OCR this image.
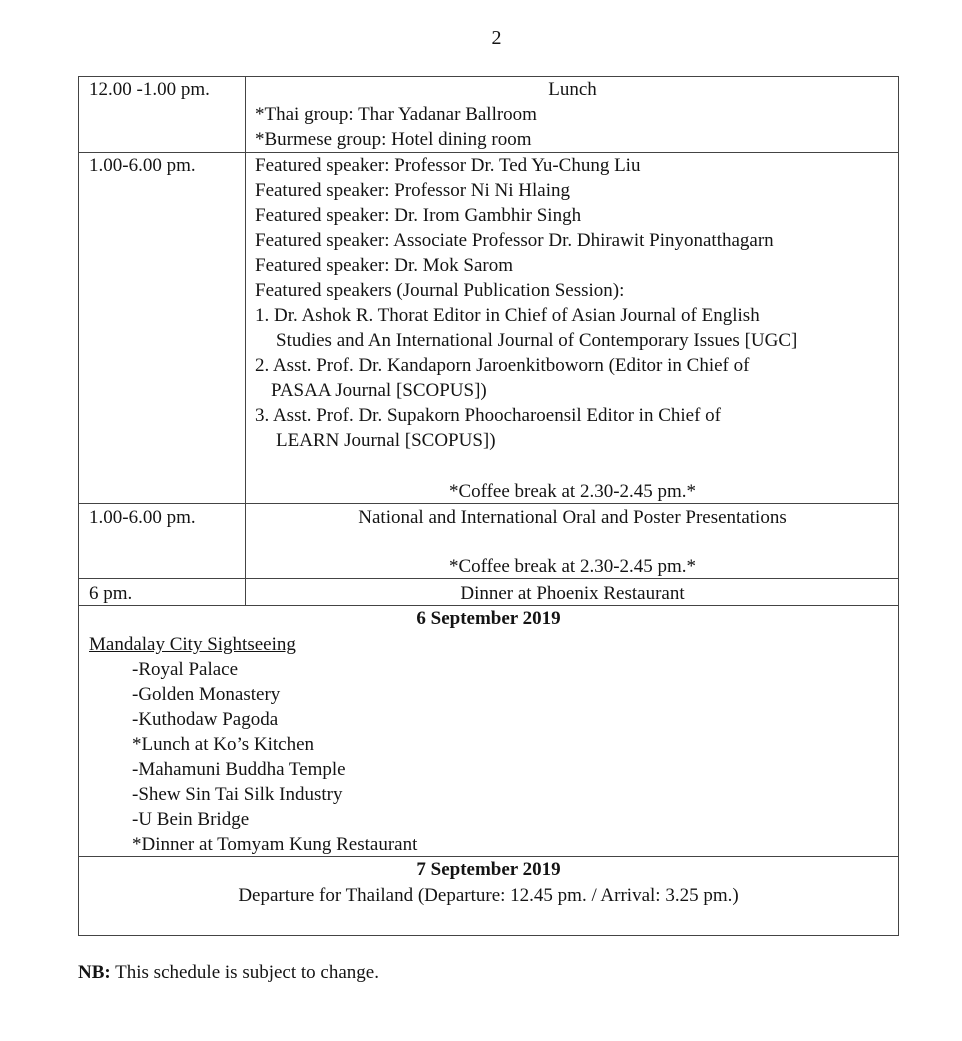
2
12.00 -1.00 pm.	Lunch
*Thai group: Thar Yadanar Ballroom
*Burmese group: Hotel dining room
1.00-6.00 pm.	Featured speaker: Professor Dr. Ted Yu-Chung Liu
Featured speaker: Professor Ni Ni Hlaing
Featured speaker: Dr. Irom Gambhir Singh
Featured speaker: Associate Professor Dr. Dhirawit Pinyonatthagarn
Featured speaker: Dr. Mok Sarom
Featured speakers (Journal Publication Session):
1. Dr. Ashok R. Thorat Editor in Chief of Asian Journal of English
Studies and An International Journal of Contemporary Issues [UGC]
2. Asst. Prof. Dr. Kandaporn Jaroenkitboworn (Editor in Chief of
PASAA Journal [SCOPUS])
3. Asst. Prof. Dr. Supakorn Phoocharoensil Editor in Chief of
LEARN Journal [SCOPUS])
*Coffee break at 2.30-2.45 pm.*
1.00-6.00 pm.	National and International Oral and Poster Presentations
*Coffee break at 2.30-2.45 pm.*
6 pm.	Dinner at Phoenix Restaurant
6 September 2019
Mandalay City Sightseeing
-Royal Palace
-Golden Monastery
-Kuthodaw Pagoda
*Lunch at Ko’s Kitchen
-Mahamuni Buddha Temple
-Shew Sin Tai Silk Industry
-U Bein Bridge
*Dinner at Tomyam Kung Restaurant
7 September 2019
Departure for Thailand (Departure: 12.45 pm. / Arrival: 3.25 pm.)
NB: This schedule is subject to change.
